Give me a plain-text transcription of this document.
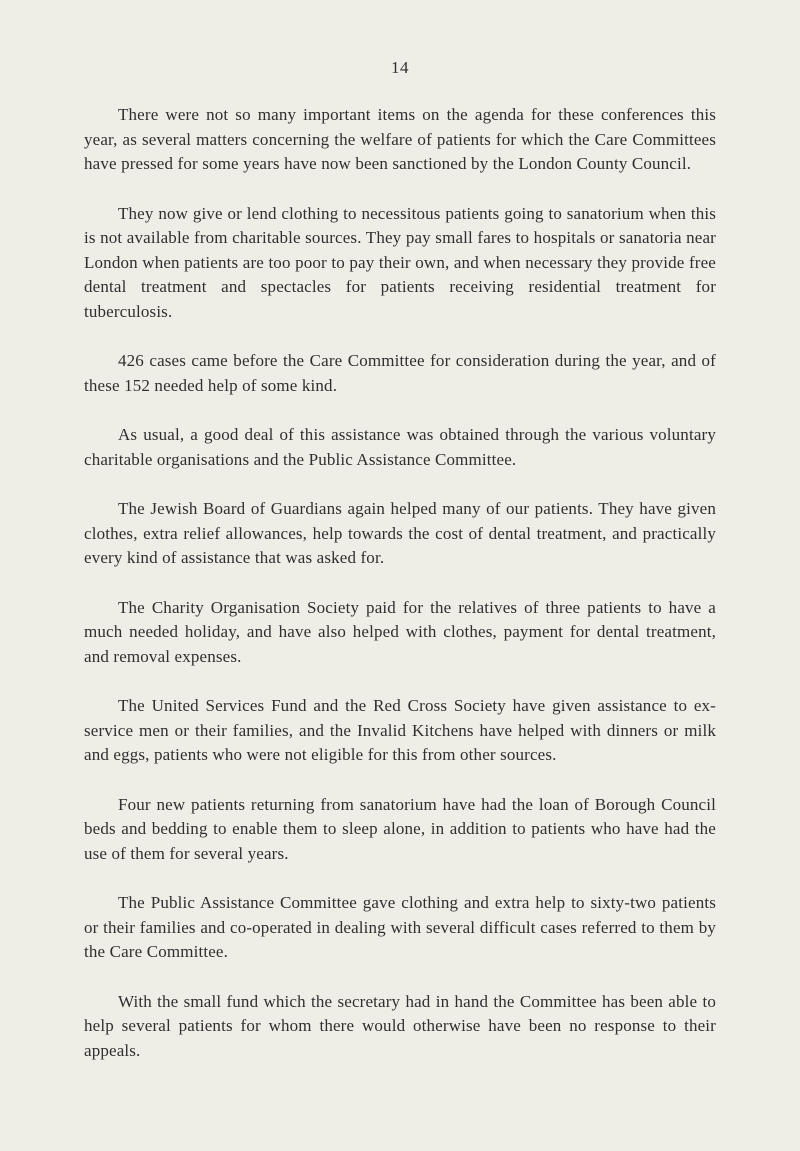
14

There were not so many important items on the agenda for these conferences this year, as several matters concerning the welfare of patients for which the Care Committees have pressed for some years have now been sanctioned by the London County Council.

They now give or lend clothing to necessitous patients going to sanatorium when this is not available from charitable sources. They pay small fares to hospitals or sanatoria near London when patients are too poor to pay their own, and when necessary they provide free dental treatment and spectacles for patients receiving residential treatment for tuberculosis.

426 cases came before the Care Committee for consideration during the year, and of these 152 needed help of some kind.

As usual, a good deal of this assistance was obtained through the various voluntary charitable organisations and the Public Assistance Committee.

The Jewish Board of Guardians again helped many of our patients. They have given clothes, extra relief allowances, help towards the cost of dental treatment, and practically every kind of assistance that was asked for.

The Charity Organisation Society paid for the relatives of three patients to have a much needed holiday, and have also helped with clothes, payment for dental treatment, and removal expenses.

The United Services Fund and the Red Cross Society have given assistance to ex-service men or their families, and the Invalid Kitchens have helped with dinners or milk and eggs, patients who were not eligible for this from other sources.

Four new patients returning from sanatorium have had the loan of Borough Council beds and bedding to enable them to sleep alone, in addition to patients who have had the use of them for several years.

The Public Assistance Committee gave clothing and extra help to sixty-two patients or their families and co-operated in dealing with several difficult cases referred to them by the Care Committee.

With the small fund which the secretary had in hand the Committee has been able to help several patients for whom there would otherwise have been no response to their appeals.
